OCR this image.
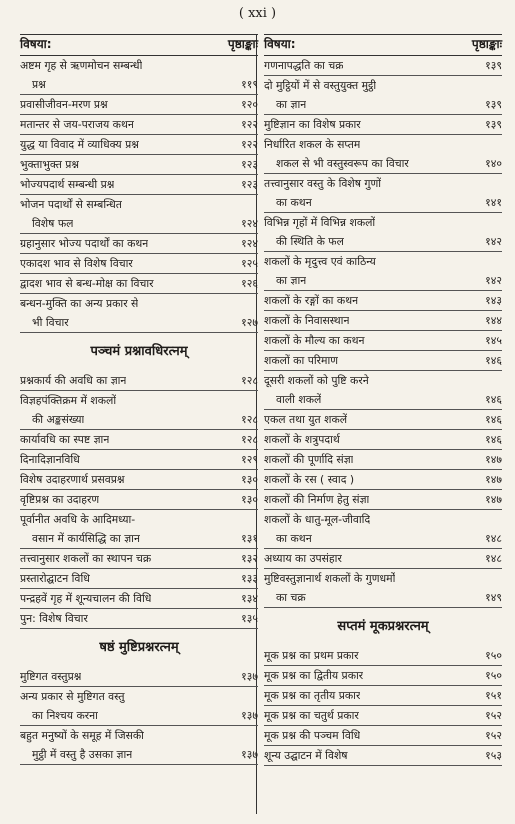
( xxi )
विषया:	पृष्ठाङ्काः
अष्टम गृह से ऋणमोचन सम्बन्धी
प्रश्न	११९
प्रवासीजीवन-मरण प्रश्न	१२०
मतान्तर से जय-पराजय कथन	१२२
युद्ध या विवाद में व्याधिक्य प्रश्न	१२२
भुक्ताभुक्त प्रश्न	१२३
भोज्यपदार्थ सम्बन्धी प्रश्न	१२३
भोजन पदार्थों से सम्बन्धित
विशेष फल	१२४
ग्रहानुसार भोज्य पदार्थों का कथन	१२४
एकादश भाव से विशेष विचार	१२५
द्वादश भाव से बन्ध-मोक्ष का विचार	१२६
बन्धन-मुक्ति का अन्य प्रकार से
भी विचार	१२७
पञ्चमं प्रश्नावधिरत्नम्
प्रश्नकार्य की अवधि का ज्ञान	१२८
विज्ञहपंक्तिक्रम में शकलों
की अङ्कसंख्या	१२८
कार्यावधि का स्पष्ट ज्ञान	१२८
दिनादिज्ञानविधि	१२९
विशेष उदाहरणार्थ प्रसवप्रश्न	१३०
वृष्टिप्रश्न का उदाहरण	१३०
पूर्वानीत अवधि के आदिमध्या-
वसान में कार्यसिद्धि का ज्ञान	१३१
तत्त्वानुसार शकलों का स्थापन चक्र	१३२
प्रस्तारोद्घाटन विधि	१३३
पन्द्रहवें गृह में शून्यचालन की विधि	१३४
पुन: विशेष विचार	१३५
षष्ठं मुष्टिप्रश्नरत्नम्
मुष्टिगत वस्तुप्रश्न	१३७
अन्य प्रकार से मुष्टिगत वस्तु
का निश्चय करना	१३७
बहुत मनुष्यों के समूह में जिसकी
मुट्ठी में वस्तु है उसका ज्ञान	१३७
विषया:	पृष्ठाङ्काः
गणनापद्धति का चक्र	१३९
दो मुट्ठियों में से वस्तुयुक्त मुट्ठी
का ज्ञान	१३९
मुष्टिज्ञान का विशेष प्रकार	१३९
निर्धारित शकल के सप्तम
शकल से भी वस्तुस्वरूप का विचार	१४०
तत्त्वानुसार वस्तु के विशेष गुणों
का कथन	१४१
विभिन्न गृहों में विभिन्न शकलों
की स्थिति के फल	१४२
शकलों के मृदुत्त्व एवं काठिन्य
का ज्ञान	१४२
शकलों के रङ्गों का कथन	१४३
शकलों के निवासस्थान	१४४
शकलों के मौल्य का कथन	१४५
शकलों का परिमाण	१४६
दूसरी शकलों को पुष्टि करने
वाली शकलें	१४६
एकल तथा युत शकलें	१४६
शकलों के शत्रुपदार्थ	१४६
शकलों की पूर्णादि संज्ञा	१४७
शकलों के रस ( स्वाद )	१४७
शकलों की निर्माण हेतु संज्ञा	१४७
शकलों के धातु-मूल-जीवादि
का कथन	१४८
अध्याय का उपसंहार	१४८
मुष्टिवस्तुज्ञानार्थ शकलों के गुणधर्मों
का चक्र	१४९
सप्तमं मूकप्रश्नरत्नम्
मूक प्रश्न का प्रथम प्रकार	१५०
मूक प्रश्न का द्वितीय प्रकार	१५०
मूक प्रश्न का तृतीय प्रकार	१५१
मूक प्रश्न का चतुर्थ प्रकार	१५२
मूक प्रश्न की पञ्चम विधि	१५२
शून्य उद्घाटन में विशेष	१५३
